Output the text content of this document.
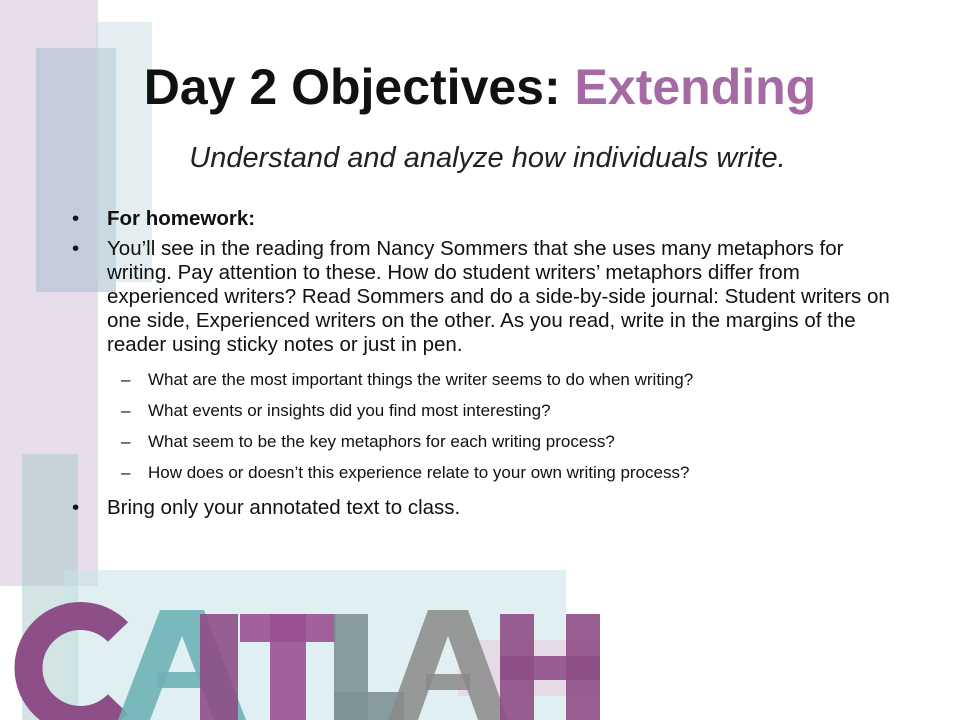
Day 2 Objectives: Extending
Understand and analyze how individuals write.
• For homework:
• You’ll see in the reading from Nancy Sommers that she uses many metaphors for writing. Pay attention to these. How do student writers’ metaphors differ from experienced writers? Read Sommers and do a side-by-side journal: Student writers on one side, Experienced writers on the other. As you read, write in the margins of the reader using sticky notes or just in pen.
– What are the most important things the writer seems to do when writing?
– What events or insights did you find most interesting?
– What seem to be the key metaphors for each writing process?
– How does or doesn’t this experience relate to your own writing process?
• Bring only your annotated text to class.
